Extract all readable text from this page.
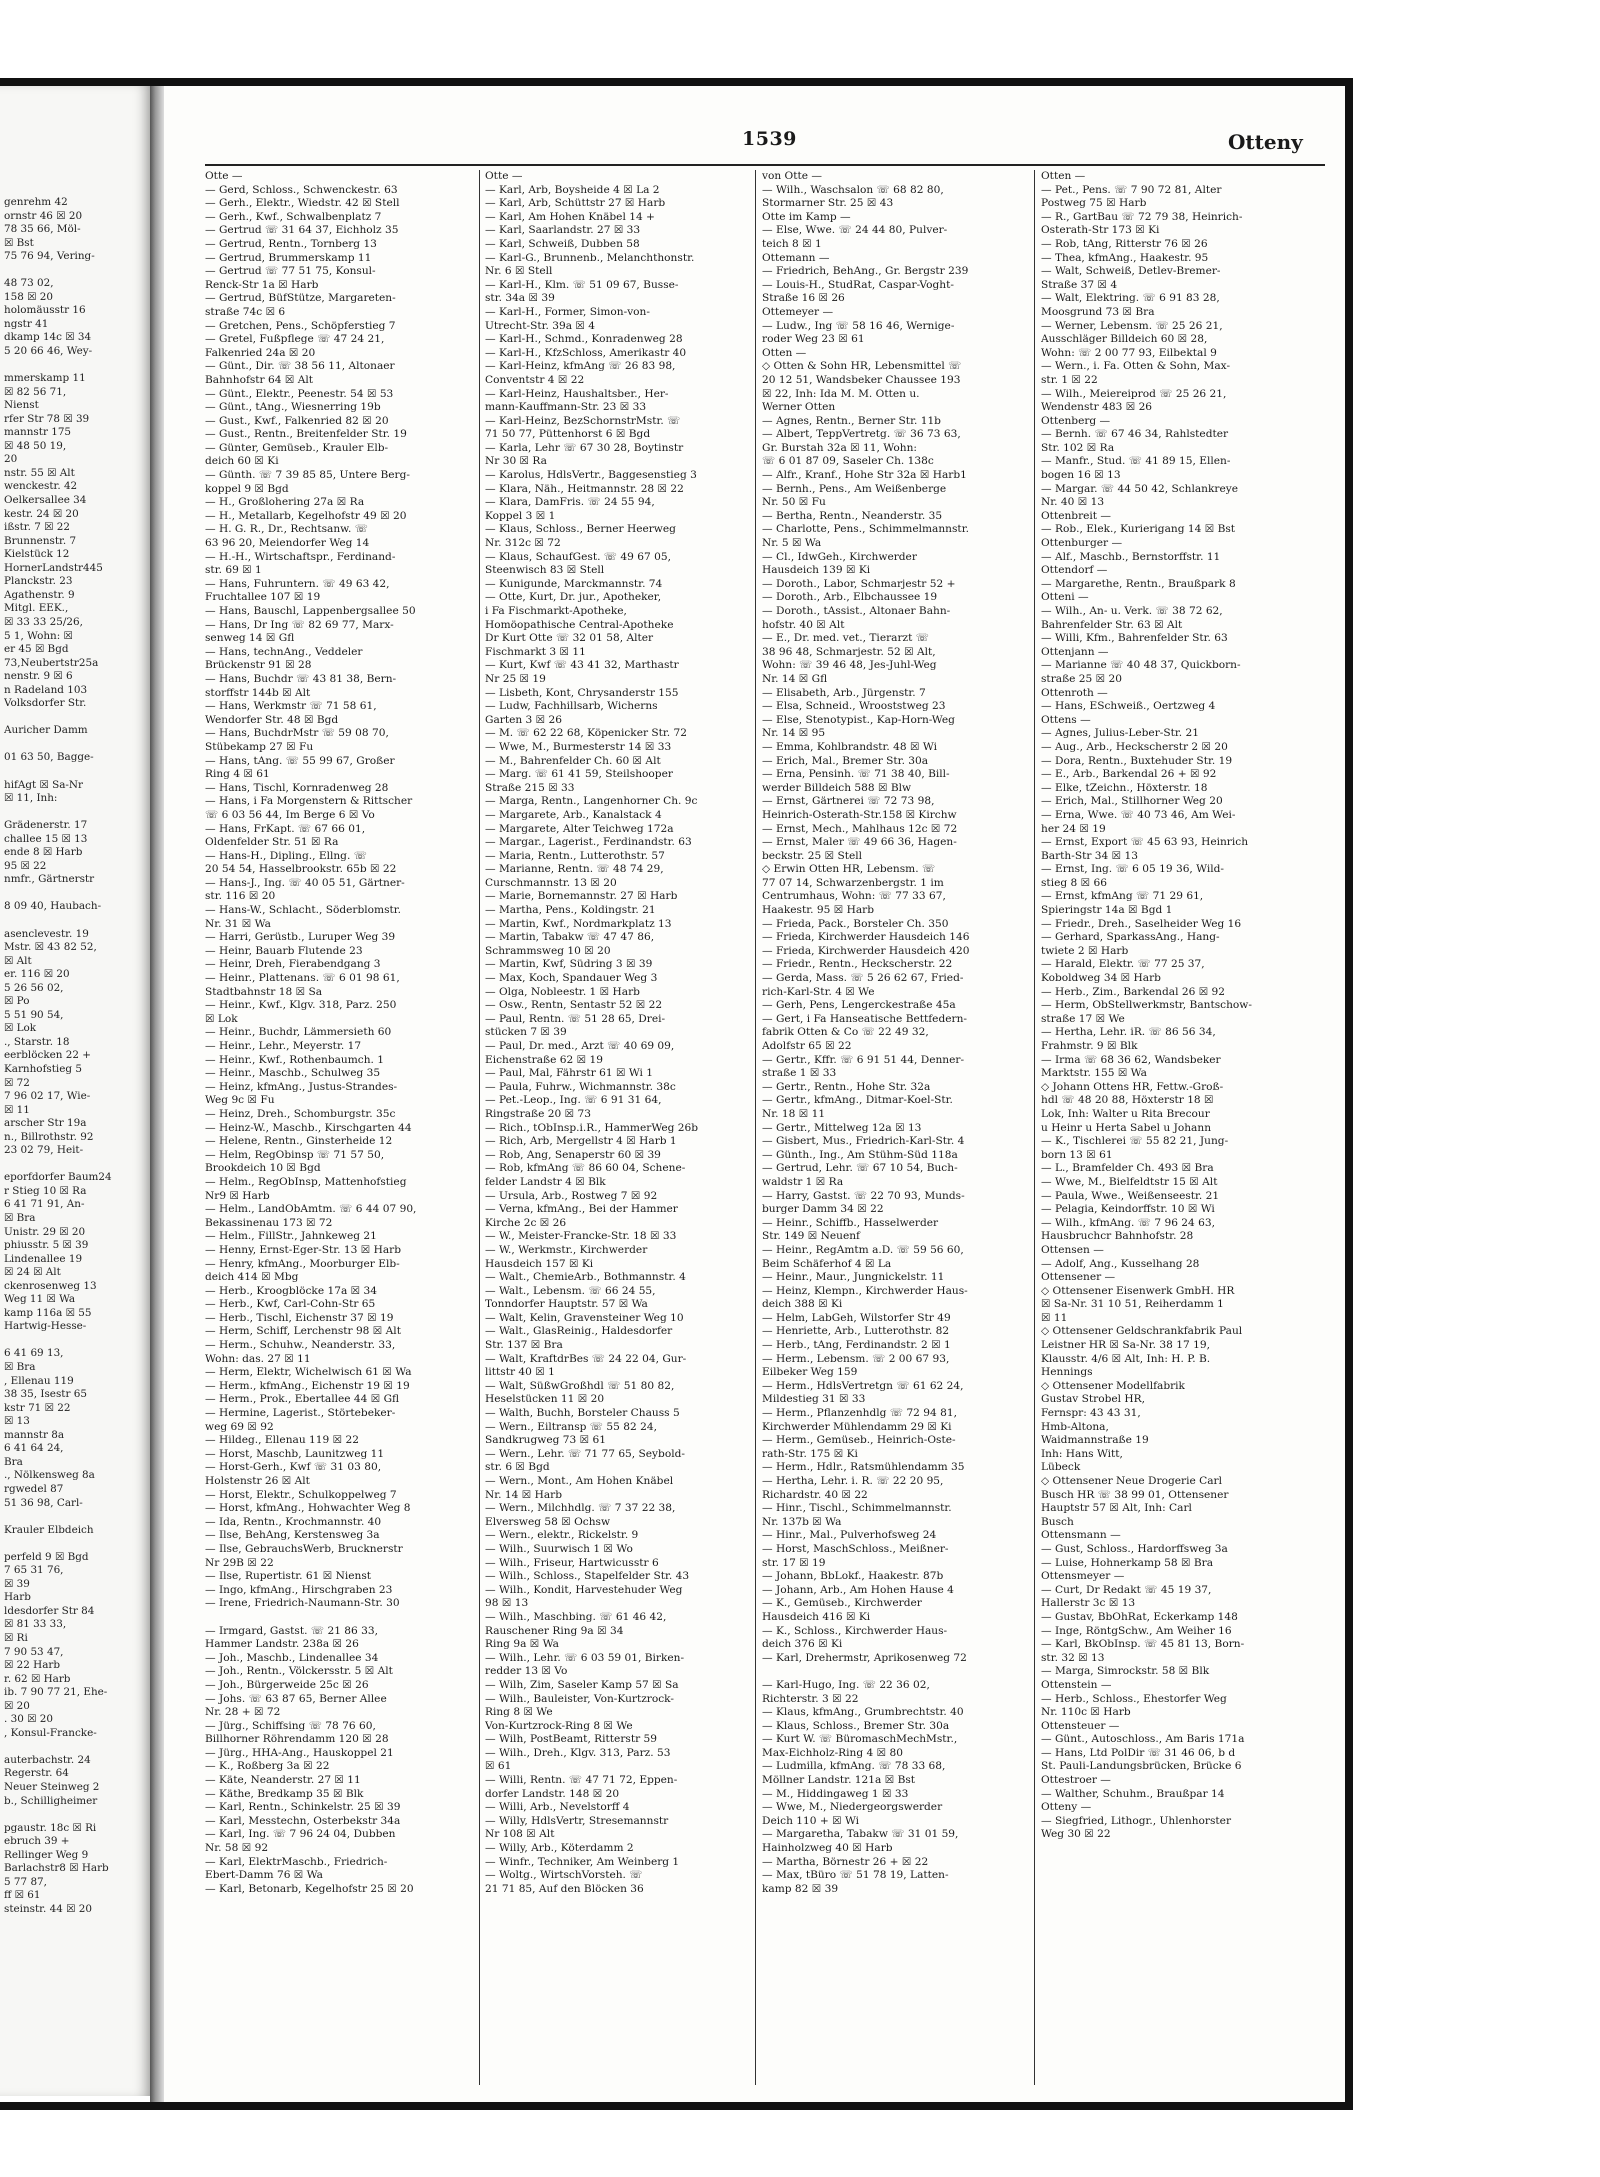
genrehm 42
ornstr 46 ☒ 20
78 35 66, Möl-
☒ Bst
75 76 94, Vering-
48 73 02,
158 ☒ 20
holomäusstr 16
ngstr 41
dkamp 14c ☒ 34
5 20 66 46, Wey-
mmerskamp 11
☒ 82 56 71,
Nienst
rfer Str 78 ☒ 39
mannstr 175
☒ 48 50 19,
20
nstr. 55 ☒ Alt
wenckestr. 42
Oelkersallee 34
kestr. 24 ☒ 20
ißstr. 7 ☒ 22
Brunnenstr. 7
Kielstück 12
HornerLandstr445
Planckstr. 23
Agathenstr. 9
Mitgl. EEK.,
☒ 33 33 25/26,
5 1, Wohn: ☒
er 45 ☒ Bgd
73,Neubertstr25a
nenstr. 9 ☒ 6
n Radeland 103
Volksdorfer Str.
Auricher Damm
01 63 50, Bagge-
hifAgt ☒ Sa-Nr
☒ 11, Inh:
Grädenerstr. 17
challee 15 ☒ 13
ende 8 ☒ Harb
95 ☒ 22
nmfr., Gärtnerstr
8 09 40, Haubach-
asenclevestr. 19
Mstr. ☒ 43 82 52,
☒ Alt
er. 116 ☒ 20
5 26 56 02,
☒ Po
5 51 90 54,
☒ Lok
., Starstr. 18
eerblöcken 22 +
Karnhofstieg 5
☒ 72
7 96 02 17, Wie-
☒ 11
arscher Str 19a
n., Billrothstr. 92
23 02 79, Heit-
eporfdorfer Baum24
r Stieg 10 ☒ Ra
6 41 71 91, An-
☒ Bra
Unistr. 29 ☒ 20
phiusstr. 5 ☒ 39
Lindenallee 19
☒ 24 ☒ Alt
ckenrosenweg 13
Weg 11 ☒ Wa
kamp 116a ☒ 55
Hartwig-Hesse-
6 41 69 13,
☒ Bra
, Ellenau 119
38 35, Isestr 65
kstr 71 ☒ 22
☒ 13
mannstr 8a
6 41 64 24,
Bra
., Nölkensweg 8a
rgwedel 87
51 36 98, Carl-
Krauler Elbdeich
perfeld 9 ☒ Bgd
7 65 31 76,
☒ 39
Harb
ldesdorfer Str 84
☒ 81 33 33,
☒ Ri
7 90 53 47,
☒ 22 Harb
r. 62 ☒ Harb
ib. 7 90 77 21, Ehe-
☒ 20
. 30 ☒ 20
, Konsul-Francke-
auterbachstr. 24
Regerstr. 64
Neuer Steinweg 2
b., Schilligheimer
pgaustr. 18c ☒ Ri
ebruch 39 +
Rellinger Weg 9
Barlachstr8 ☒ Harb
5 77 87,
ff ☒ 61
steinstr. 44 ☒ 20
1539	Otteny
Otte —
— Gerd, Schloss., Schwenckestr. 63
— Gerh., Elektr., Wiedstr. 42 ☒ Stell
— Gerh., Kwf., Schwalbenplatz 7
— Gertrud ☏ 31 64 37, Eichholz 35
— Gertrud, Rentn., Tornberg 13
— Gertrud, Brummerskamp 11
— Gertrud ☏ 77 51 75, Konsul-
Renck-Str 1a ☒ Harb
— Gertrud, BüfStütze, Margareten-
straße 74c ☒ 6
— Gretchen, Pens., Schöpferstieg 7
— Gretel, Fußpflege ☏ 47 24 21,
Falkenried 24a ☒ 20
— Günt., Dir. ☏ 38 56 11, Altonaer
Bahnhofstr 64 ☒ Alt
— Günt., Elektr., Peenestr. 54 ☒ 53
— Günt., tAng., Wiesnerring 19b
— Gust., Kwf., Falkenried 82 ☒ 20
— Gust., Rentn., Breitenfelder Str. 19
— Günter, Gemüseb., Krauler Elb-
deich 60 ☒ Ki
— Günth. ☏ 7 39 85 85, Untere Berg-
koppel 9 ☒ Bgd
— H., Großlohering 27a ☒ Ra
— H., Metallarb, Kegelhofstr 49 ☒ 20
— H. G. R., Dr., Rechtsanw. ☏
63 96 20, Meiendorfer Weg 14
— H.-H., Wirtschaftspr., Ferdinand-
str. 69 ☒ 1
— Hans, Fuhruntern. ☏ 49 63 42,
Fruchtallee 107 ☒ 19
— Hans, Bauschl, Lappenbergsallee 50
— Hans, Dr Ing ☏ 82 69 77, Marx-
senweg 14 ☒ Gfl
— Hans, technAng., Veddeler
Brückenstr 91 ☒ 28
— Hans, Buchdr ☏ 43 81 38, Bern-
storffstr 144b ☒ Alt
— Hans, Werkmstr ☏ 71 58 61,
Wendorfer Str. 48 ☒ Bgd
— Hans, BuchdrMstr ☏ 59 08 70,
Stübekamp 27 ☒ Fu
— Hans, tAng. ☏ 55 99 67, Großer
Ring 4 ☒ 61
— Hans, Tischl, Kornradenweg 28
— Hans, i Fa Morgenstern & Rittscher
☏ 6 03 56 44, Im Berge 6 ☒ Vo
— Hans, FrKapt. ☏ 67 66 01,
Oldenfelder Str. 51 ☒ Ra
— Hans-H., Dipling., Ellng. ☏
20 54 54, Hasselbrookstr. 65b ☒ 22
— Hans-J., Ing. ☏ 40 05 51, Gärtner-
str. 116 ☒ 20
— Hans-W., Schlacht., Söderblomstr.
Nr. 31 ☒ Wa
— Harri, Gerüstb., Luruper Weg 39
— Heinr, Bauarb Flutende 23
— Heinr, Dreh, Fierabendgang 3
— Heinr., Plattenans. ☏ 6 01 98 61,
Stadtbahnstr 18 ☒ Sa
— Heinr., Kwf., Klgv. 318, Parz. 250
☒ Lok
— Heinr., Buchdr, Lämmersieth 60
— Heinr., Lehr., Meyerstr. 17
— Heinr., Kwf., Rothenbaumch. 1
— Heinr., Maschb., Schulweg 35
— Heinz, kfmAng., Justus-Strandes-
Weg 9c ☒ Fu
— Heinz, Dreh., Schomburgstr. 35c
— Heinz-W., Maschb., Kirschgarten 44
— Helene, Rentn., Ginsterheide 12
— Helm, RegObinsp ☏ 71 57 50,
Brookdeich 10 ☒ Bgd
— Helm., RegObInsp, Mattenhofstieg
Nr9 ☒ Harb
— Helm., LandObAmtm. ☏ 6 44 07 90,
Bekassinenau 173 ☒ 72
— Helm., FillStr., Jahnkeweg 21
— Henny, Ernst-Eger-Str. 13 ☒ Harb
— Henry, kfmAng., Moorburger Elb-
deich 414 ☒ Mbg
— Herb., Kroogblöcke 17a ☒ 34
— Herb., Kwf, Carl-Cohn-Str 65
— Herb., Tischl, Eichenstr 37 ☒ 19
— Herm, Schiff, Lerchenstr 98 ☒ Alt
— Herm., Schuhw., Neanderstr. 33,
Wohn: das. 27 ☒ 11
— Herm, Elektr, Wichelwisch 61 ☒ Wa
— Herm., kfmAng., Eichenstr 19 ☒ 19
— Herm., Prok., Ebertallee 44 ☒ Gfl
— Hermine, Lagerist., Störtebeker-
weg 69 ☒ 92
— Hildeg., Ellenau 119 ☒ 22
— Horst, Maschb, Launitzweg 11
— Horst-Gerh., Kwf ☏ 31 03 80,
Holstenstr 26 ☒ Alt
— Horst, Elektr., Schulkoppelweg 7
— Horst, kfmAng., Hohwachter Weg 8
— Ida, Rentn., Krochmannstr. 40
— Ilse, BehAng, Kerstensweg 3a
— Ilse, GebrauchsWerb, Brucknerstr
Nr 29B ☒ 22
— Ilse, Rupertistr. 61 ☒ Nienst
— Ingo, kfmAng., Hirschgraben 23
— Irene, Friedrich-Naumann-Str. 30
— Irmgard, Gastst. ☏ 21 86 33,
Hammer Landstr. 238a ☒ 26
— Joh., Maschb., Lindenallee 34
— Joh., Rentn., Völckersstr. 5 ☒ Alt
— Joh., Bürgerweide 25c ☒ 26
— Johs. ☏ 63 87 65, Berner Allee
Nr. 28 + ☒ 72
— Jürg., Schiffsing ☏ 78 76 60,
Billhorner Röhrendamm 120 ☒ 28
— Jürg., HHA-Ang., Hauskoppel 21
— K., Roßberg 3a ☒ 22
— Käte, Neanderstr. 27 ☒ 11
— Käthe, Bredkamp 35 ☒ Blk
— Karl, Rentn., Schinkelstr. 25 ☒ 39
— Karl, Messtechn, Osterbekstr 34a
— Karl, Ing. ☏ 7 96 24 04, Dubben
Nr. 58 ☒ 92
— Karl, ElektrMaschb., Friedrich-
Ebert-Damm 76 ☒ Wa
— Karl, Betonarb, Kegelhofstr 25 ☒ 20
Otte —
— Karl, Arb, Boysheide 4 ☒ La 2
— Karl, Arb, Schüttstr 27 ☒ Harb
— Karl, Am Hohen Knäbel 14 +
— Karl, Saarlandstr. 27 ☒ 33
— Karl, Schweiß, Dubben 58
— Karl-G., Brunnenb., Melanchthonstr.
Nr. 6 ☒ Stell
— Karl-H., Klm. ☏ 51 09 67, Busse-
str. 34a ☒ 39
— Karl-H., Former, Simon-von-
Utrecht-Str. 39a ☒ 4
— Karl-H., Schmd., Konradenweg 28
— Karl-H., KfzSchloss, Amerikastr 40
— Karl-Heinz, kfmAng ☏ 26 83 98,
Conventstr 4 ☒ 22
— Karl-Heinz, Haushaltsber., Her-
mann-Kauffmann-Str. 23 ☒ 33
— Karl-Heinz, BezSchornstrMstr. ☏
71 50 77, Püttenhorst 6 ☒ Bgd
— Karla, Lehr ☏ 67 30 28, Boytinstr
Nr 30 ☒ Ra
— Karolus, HdlsVertr., Baggesenstieg 3
— Klara, Näh., Heitmannstr. 28 ☒ 22
— Klara, DamFris. ☏ 24 55 94,
Koppel 3 ☒ 1
— Klaus, Schloss., Berner Heerweg
Nr. 312c ☒ 72
— Klaus, SchaufGest. ☏ 49 67 05,
Steenwisch 83 ☒ Stell
— Kunigunde, Marckmannstr. 74
— Otte, Kurt, Dr. jur., Apotheker,
i Fa Fischmarkt-Apotheke,
Homöopathische Central-Apotheke
Dr Kurt Otte ☏ 32 01 58, Alter
Fischmarkt 3 ☒ 11
— Kurt, Kwf ☏ 43 41 32, Marthastr
Nr 25 ☒ 19
— Lisbeth, Kont, Chrysanderstr 155
— Ludw, Fachhillsarb, Wicherns
Garten 3 ☒ 26
— M. ☏ 62 22 68, Köpenicker Str. 72
— Wwe, M., Burmesterstr 14 ☒ 33
— M., Bahrenfelder Ch. 60 ☒ Alt
— Marg. ☏ 61 41 59, Steilshooper
Straße 215 ☒ 33
— Marga, Rentn., Langenhorner Ch. 9c
— Margarete, Arb., Kanalstack 4
— Margarete, Alter Teichweg 172a
— Margar., Lagerist., Ferdinandstr. 63
— Maria, Rentn., Lutterothstr. 57
— Marianne, Rentn. ☏ 48 74 29,
Curschmannstr. 13 ☒ 20
— Marie, Bornemannstr. 27 ☒ Harb
— Martha, Pens., Koldingstr. 21
— Martin, Kwf., Nordmarkplatz 13
— Martin, Tabakw ☏ 47 47 86,
Schrammsweg 10 ☒ 20
— Martin, Kwf, Südring 3 ☒ 39
— Max, Koch, Spandauer Weg 3
— Olga, Nobleestr. 1 ☒ Harb
— Osw., Rentn, Sentastr 52 ☒ 22
— Paul, Rentn. ☏ 51 28 65, Drei-
stücken 7 ☒ 39
— Paul, Dr. med., Arzt ☏ 40 69 09,
Eichenstraße 62 ☒ 19
— Paul, Mal, Fährstr 61 ☒ Wi 1
— Paula, Fuhrw., Wichmannstr. 38c
— Pet.-Leop., Ing. ☏ 6 91 31 64,
Ringstraße 20 ☒ 73
— Rich., tObInsp.i.R., HammerWeg 26b
— Rich, Arb, Mergellstr 4 ☒ Harb 1
— Rob, Ang, Senaperstr 60 ☒ 39
— Rob, kfmAng ☏ 86 60 04, Schene-
felder Landstr 4 ☒ Blk
— Ursula, Arb., Rostweg 7 ☒ 92
— Verna, kfmAng., Bei der Hammer
Kirche 2c ☒ 26
— W., Meister-Francke-Str. 18 ☒ 33
— W., Werkmstr., Kirchwerder
Hausdeich 157 ☒ Ki
— Walt., ChemieArb., Bothmannstr. 4
— Walt., Lebensm. ☏ 66 24 55,
Tonndorfer Hauptstr. 57 ☒ Wa
— Walt, Kelin, Gravensteiner Weg 10
— Walt., GlasReinig., Haldesdorfer
Str. 137 ☒ Bra
— Walt, KraftdrBes ☏ 24 22 04, Gur-
littstr 40 ☒ 1
— Walt, SüßwGroßhdl ☏ 51 80 82,
Heselstücken 11 ☒ 20
— Walth, Buchh, Borsteler Chauss 5
— Wern., Eiltransp ☏ 55 82 24,
Sandkrugweg 73 ☒ 61
— Wern., Lehr. ☏ 71 77 65, Seybold-
str. 6 ☒ Bgd
— Wern., Mont., Am Hohen Knäbel
Nr. 14 ☒ Harb
— Wern., Milchhdlg. ☏ 7 37 22 38,
Elversweg 58 ☒ Ochsw
— Wern., elektr., Rickelstr. 9
— Wilh., Suurwisch 1 ☒ Wo
— Wilh., Friseur, Hartwicusstr 6
— Wilh., Schloss., Stapelfelder Str. 43
— Wilh., Kondit, Harvestehuder Weg
98 ☒ 13
— Wilh., Maschbing. ☏ 61 46 42,
Rauschener Ring 9a ☒ 34
Ring 9a ☒ Wa
— Wilh., Lehr. ☏ 6 03 59 01, Birken-
redder 13 ☒ Vo
— Wilh, Zim, Saseler Kamp 57 ☒ Sa
— Wilh., Bauleister, Von-Kurtzrock-
Ring 8 ☒ We
Von-Kurtzrock-Ring 8 ☒ We
— Wilh, PostBeamt, Ritterstr 59
— Wilh., Dreh., Klgv. 313, Parz. 53
☒ 61
— Willi, Rentn. ☏ 47 71 72, Eppen-
dorfer Landstr. 148 ☒ 20
— Willi, Arb., Nevelstorff 4
— Willy, HdlsVertr, Stresemannstr
Nr 108 ☒ Alt
— Willy, Arb., Köterdamm 2
— Winfr., Techniker, Am Weinberg 1
— Woltg., WirtschVorsteh. ☏
21 71 85, Auf den Blöcken 36
von Otte —
— Wilh., Waschsalon ☏ 68 82 80,
Stormarner Str. 25 ☒ 43
Otte im Kamp —
— Else, Wwe. ☏ 24 44 80, Pulver-
teich 8 ☒ 1
Ottemann —
— Friedrich, BehAng., Gr. Bergstr 239
— Louis-H., StudRat, Caspar-Voght-
Straße 16 ☒ 26
Ottemeyer —
— Ludw., Ing ☏ 58 16 46, Wernige-
roder Weg 23 ☒ 61
Otten —
◇ Otten & Sohn HR, Lebensmittel ☏
20 12 51, Wandsbeker Chaussee 193
☒ 22, Inh: Ida M. M. Otten u.
Werner Otten
— Agnes, Rentn., Berner Str. 11b
— Albert, TeppVertretg. ☏ 36 73 63,
Gr. Burstah 32a ☒ 11, Wohn:
☏ 6 01 87 09, Saseler Ch. 138c
— Alfr., Kranf., Hohe Str 32a ☒ Harb1
— Bernh., Pens., Am Weißenberge
Nr. 50 ☒ Fu
— Bertha, Rentn., Neanderstr. 35
— Charlotte, Pens., Schimmelmannstr.
Nr. 5 ☒ Wa
— Cl., IdwGeh., Kirchwerder
Hausdeich 139 ☒ Ki
— Doroth., Labor, Schmarjestr 52 +
— Doroth., Arb., Elbchaussee 19
— Doroth., tAssist., Altonaer Bahn-
hofstr. 40 ☒ Alt
— E., Dr. med. vet., Tierarzt ☏
38 96 48, Schmarjestr. 52 ☒ Alt,
Wohn: ☏ 39 46 48, Jes-Juhl-Weg
Nr. 14 ☒ Gfl
— Elisabeth, Arb., Jürgenstr. 7
— Elsa, Schneid., Wrooststweg 23
— Else, Stenotypist., Kap-Horn-Weg
Nr. 14 ☒ 95
— Emma, Kohlbrandstr. 48 ☒ Wi
— Erich, Mal., Bremer Str. 30a
— Erna, Pensinh. ☏ 71 38 40, Bill-
werder Billdeich 588 ☒ Blw
— Ernst, Gärtnerei ☏ 72 73 98,
Heinrich-Osterath-Str.158 ☒ Kirchw
— Ernst, Mech., Mahlhaus 12c ☒ 72
— Ernst, Maler ☏ 49 66 36, Hagen-
beckstr. 25 ☒ Stell
◇ Erwin Otten HR, Lebensm. ☏
77 07 14, Schwarzenbergstr. 1 im
Centrumhaus, Wohn: ☏ 77 33 67,
Haakestr. 95 ☒ Harb
— Frieda, Pack., Borsteler Ch. 350
— Frieda, Kirchwerder Hausdeich 146
— Frieda, Kirchwerder Hausdeich 420
— Friedr., Rentn., Heckscherstr. 22
— Gerda, Mass. ☏ 5 26 62 67, Fried-
rich-Karl-Str. 4 ☒ We
— Gerh, Pens, Lengerckestraße 45a
— Gert, i Fa Hanseatische Bettfedern-
fabrik Otten & Co ☏ 22 49 32,
Adolfstr 65 ☒ 22
— Gertr., Kffr. ☏ 6 91 51 44, Denner-
straße 1 ☒ 33
— Gertr., Rentn., Hohe Str. 32a
— Gertr., kfmAng., Ditmar-Koel-Str.
Nr. 18 ☒ 11
— Gertr., Mittelweg 12a ☒ 13
— Gisbert, Mus., Friedrich-Karl-Str. 4
— Günth., Ing., Am Stühm-Süd 118a
— Gertrud, Lehr. ☏ 67 10 54, Buch-
waldstr 1 ☒ Ra
— Harry, Gastst. ☏ 22 70 93, Munds-
burger Damm 34 ☒ 22
— Heinr., Schiffb., Hasselwerder
Str. 149 ☒ Neuenf
— Heinr., RegAmtm a.D. ☏ 59 56 60,
Beim Schäferhof 4 ☒ La
— Heinr., Maur., Jungnickelstr. 11
— Heinz, Klempn., Kirchwerder Haus-
deich 388 ☒ Ki
— Helm, LabGeh, Wilstorfer Str 49
— Henriette, Arb., Lutterothstr. 82
— Herb., tAng, Ferdinandstr. 2 ☒ 1
— Herm., Lebensm. ☏ 2 00 67 93,
Eilbeker Weg 159
— Herm., HdlsVertretgn ☏ 61 62 24,
Mildestieg 31 ☒ 33
— Herm., Pflanzenhdlg ☏ 72 94 81,
Kirchwerder Mühlendamm 29 ☒ Ki
— Herm., Gemüseb., Heinrich-Oste-
rath-Str. 175 ☒ Ki
— Herm., Hdlr., Ratsmühlendamm 35
— Hertha, Lehr. i. R. ☏ 22 20 95,
Richardstr. 40 ☒ 22
— Hinr., Tischl., Schimmelmannstr.
Nr. 137b ☒ Wa
— Hinr., Mal., Pulverhofsweg 24
— Horst, MaschSchloss., Meißner-
str. 17 ☒ 19
— Johann, BbLokf., Haakestr. 87b
— Johann, Arb., Am Hohen Hause 4
— K., Gemüseb., Kirchwerder
Hausdeich 416 ☒ Ki
— K., Schloss., Kirchwerder Haus-
deich 376 ☒ Ki
— Karl, Drehermstr, Aprikosenweg 72
— Karl-Hugo, Ing. ☏ 22 36 02,
Richterstr. 3 ☒ 22
— Klaus, kfmAng., Grumbrechtstr. 40
— Klaus, Schloss., Bremer Str. 30a
— Kurt W. ☏ BüromaschMechMstr.,
Max-Eichholz-Ring 4 ☒ 80
— Ludmilla, kfmAng. ☏ 78 33 68,
Möllner Landstr. 121a ☒ Bst
— M., Hiddingaweg 1 ☒ 33
— Wwe, M., Niedergeorgswerder
Deich 110 + ☒ Wi
— Margaretha, Tabakw ☏ 31 01 59,
Hainholzweg 40 ☒ Harb
— Martha, Börnestr 26 + ☒ 22
— Max, tBüro ☏ 51 78 19, Latten-
kamp 82 ☒ 39
Otten —
— Pet., Pens. ☏ 7 90 72 81, Alter
Postweg 75 ☒ Harb
— R., GartBau ☏ 72 79 38, Heinrich-
Osterath-Str 173 ☒ Ki
— Rob, tAng, Ritterstr 76 ☒ 26
— Thea, kfmAng., Haakestr. 95
— Walt, Schweiß, Detlev-Bremer-
Straße 37 ☒ 4
— Walt, Elektring. ☏ 6 91 83 28,
Moosgrund 73 ☒ Bra
— Werner, Lebensm. ☏ 25 26 21,
Ausschläger Billdeich 60 ☒ 28,
Wohn: ☏ 2 00 77 93, Eilbektal 9
— Wern., i. Fa. Otten & Sohn, Max-
str. 1 ☒ 22
— Wilh., Meiereiprod ☏ 25 26 21,
Wendenstr 483 ☒ 26
Ottenberg —
— Bernh. ☏ 67 46 34, Rahlstedter
Str. 102 ☒ Ra
— Manfr., Stud. ☏ 41 89 15, Ellen-
bogen 16 ☒ 13
— Margar. ☏ 44 50 42, Schlankreye
Nr. 40 ☒ 13
Ottenbreit —
— Rob., Elek., Kurierigang 14 ☒ Bst
Ottenburger —
— Alf., Maschb., Bernstorffstr. 11
Ottendorf —
— Margarethe, Rentn., Braußpark 8
Otteni —
— Wilh., An- u. Verk. ☏ 38 72 62,
Bahrenfelder Str. 63 ☒ Alt
— Willi, Kfm., Bahrenfelder Str. 63
Ottenjann —
— Marianne ☏ 40 48 37, Quickborn-
straße 25 ☒ 20
Ottenroth —
— Hans, ESchweiß., Oertzweg 4
Ottens —
— Agnes, Julius-Leber-Str. 21
— Aug., Arb., Heckscherstr 2 ☒ 20
— Dora, Rentn., Buxtehuder Str. 19
— E., Arb., Barkendal 26 + ☒ 92
— Elke, tZeichn., Höxterstr. 18
— Erich, Mal., Stillhorner Weg 20
— Erna, Wwe. ☏ 40 73 46, Am Wei-
her 24 ☒ 19
— Ernst, Export ☏ 45 63 93, Heinrich
Barth-Str 34 ☒ 13
— Ernst, Ing. ☏ 6 05 19 36, Wild-
stieg 8 ☒ 66
— Ernst, kfmAng ☏ 71 29 61,
Spieringstr 14a ☒ Bgd 1
— Friedr., Dreh., Saselheider Weg 16
— Gerhard, SparkassAng., Hang-
twiete 2 ☒ Harb
— Harald, Elektr. ☏ 77 25 37,
Koboldweg 34 ☒ Harb
— Herb., Zim., Barkendal 26 ☒ 92
— Herm, ObStellwerkmstr, Bantschow-
straße 17 ☒ We
— Hertha, Lehr. iR. ☏ 86 56 34,
Frahmstr. 9 ☒ Blk
— Irma ☏ 68 36 62, Wandsbeker
Marktstr. 155 ☒ Wa
◇ Johann Ottens HR, Fettw.-Groß-
hdl ☏ 48 20 88, Höxterstr 18 ☒
Lok, Inh: Walter u Rita Brecour
u Heinr u Herta Sabel u Johann
— K., Tischlerei ☏ 55 82 21, Jung-
born 13 ☒ 61
— L., Bramfelder Ch. 493 ☒ Bra
— Wwe, M., Bielfeldtstr 15 ☒ Alt
— Paula, Wwe., Weißenseestr. 21
— Pelagia, Keindorffstr. 10 ☒ Wi
— Wilh., kfmAng. ☏ 7 96 24 63,
Hausbruchcr Bahnhofstr. 28
Ottensen —
— Adolf, Ang., Kusselhang 28
Ottensener —
◇ Ottensener Eisenwerk GmbH. HR
☒ Sa-Nr. 31 10 51, Reiherdamm 1
☒ 11
◇ Ottensener Geldschrankfabrik Paul
Leistner HR ☒ Sa-Nr. 38 17 19,
Klausstr. 4/6 ☒ Alt, Inh: H. P. B.
Hennings
◇ Ottensener Modellfabrik
Gustav Strobel HR,
Fernspr: 43 43 31,
Hmb-Altona,
Waidmannstraße 19
Inh: Hans Witt,
Lübeck
◇ Ottensener Neue Drogerie Carl
Busch HR ☏ 38 99 01, Ottensener
Hauptstr 57 ☒ Alt, Inh: Carl
Busch
Ottensmann —
— Gust, Schloss., Hardorffsweg 3a
— Luise, Hohnerkamp 58 ☒ Bra
Ottensmeyer —
— Curt, Dr Redakt ☏ 45 19 37,
Hallerstr 3c ☒ 13
— Gustav, BbOhRat, Eckerkamp 148
— Inge, RöntgSchw., Am Weiher 16
— Karl, BkObInsp. ☏ 45 81 13, Born-
str. 32 ☒ 13
— Marga, Simrockstr. 58 ☒ Blk
Ottenstein —
— Herb., Schloss., Ehestorfer Weg
Nr. 110c ☒ Harb
Ottensteuer —
— Günt., Autoschloss., Am Baris 171a
— Hans, Ltd PolDir ☏ 31 46 06, b d
St. Pauli-Landungsbrücken, Brücke 6
Ottestroer —
— Walther, Schuhm., Braußpar 14
Otteny —
— Siegfried, Lithogr., Uhlenhorster
Weg 30 ☒ 22
